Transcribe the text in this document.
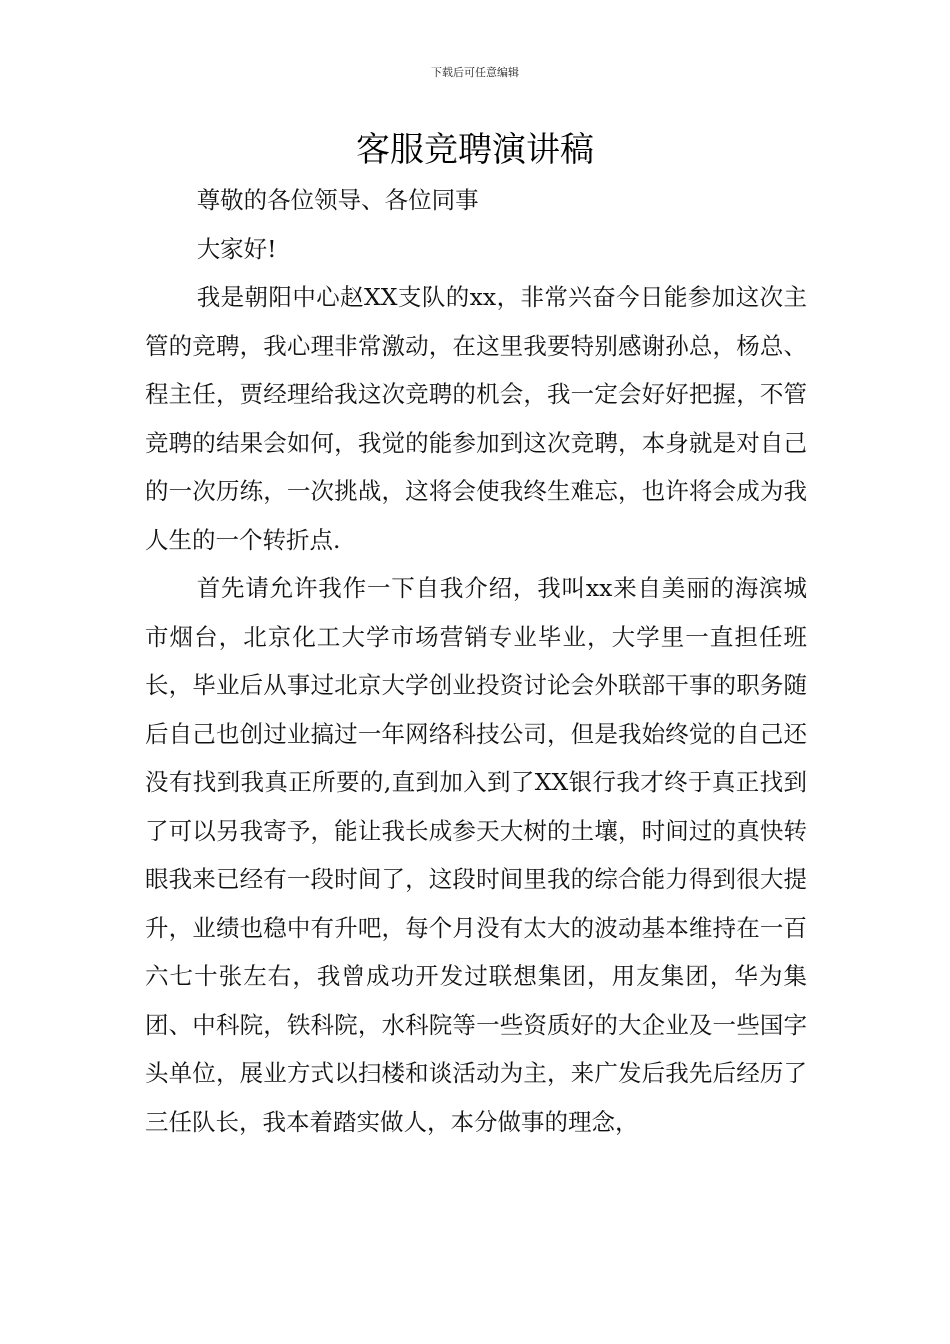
下载后可任意编辑
客服竞聘演讲稿

尊敬的各位领导、各位同事

大家好!

我是朝阳中心赵XX支队的xx，非常兴奋今日能参加这次主管的竞聘，我心理非常激动，在这里我要特别感谢孙总，杨总、程主任，贾经理给我这次竞聘的机会，我一定会好好把握，不管竞聘的结果会如何，我觉的能参加到这次竞聘，本身就是对自己的一次历练，一次挑战，这将会使我终生难忘，也许将会成为我人生的一个转折点.

首先请允许我作一下自我介绍，我叫xx来自美丽的海滨城市烟台，北京化工大学市场营销专业毕业，大学里一直担任班长，毕业后从事过北京大学创业投资讨论会外联部干事的职务随后自己也创过业搞过一年网络科技公司，但是我始终觉的自己还没有找到我真正所要的,直到加入到了XX银行我才终于真正找到了可以另我寄予，能让我长成参天大树的土壤，时间过的真快转眼我来已经有一段时间了，这段时间里我的综合能力得到很大提升，业绩也稳中有升吧，每个月没有太大的波动基本维持在一百六七十张左右，我曾成功开发过联想集团，用友集团，华为集团、中科院，铁科院，水科院等一些资质好的大企业及一些国字头单位，展业方式以扫楼和谈活动为主，来广发后我先后经历了三任队长，我本着踏实做人，本分做事的理念，
